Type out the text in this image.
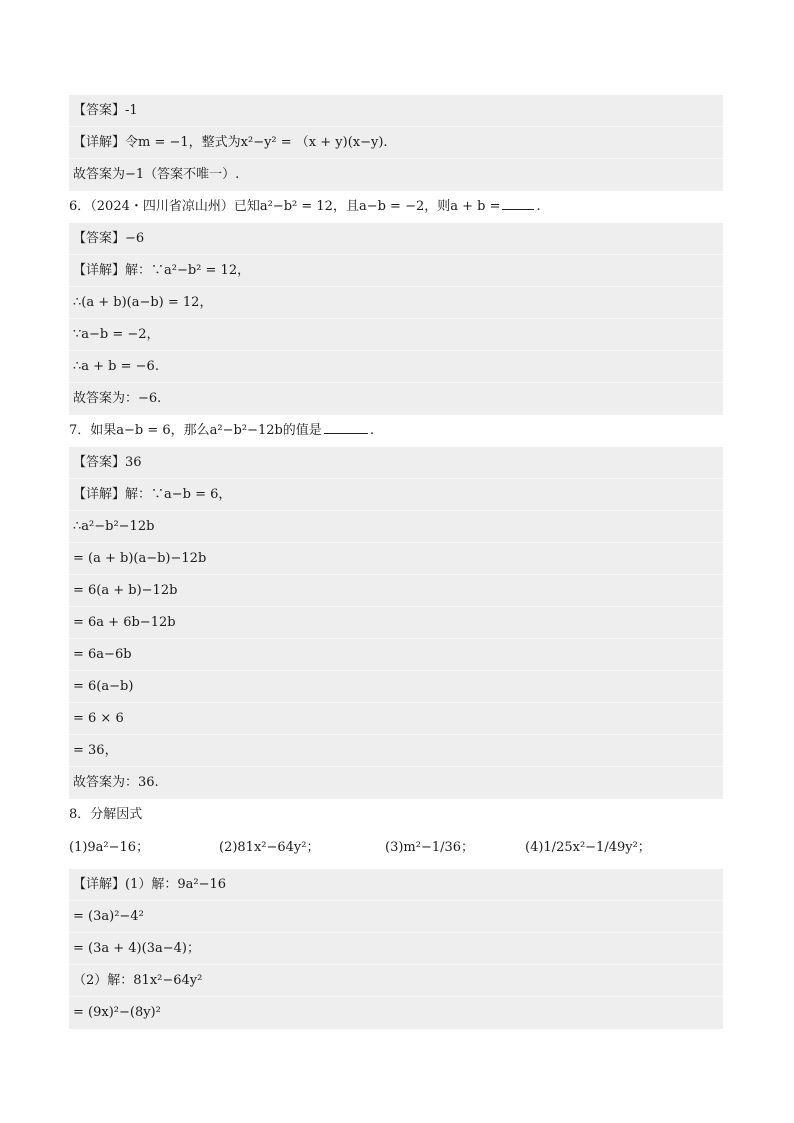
【答案】-1
【详解】令m = −1，整式为x²−y² = （x + y)(x−y).
故答案为−1（答案不唯一）.
6．（2024・四川省凉山州）已知a²−b² = 12，且a−b = −2，则a + b =	.
【答案】−6
【详解】解：∵a²−b² = 12，
∴(a + b)(a−b) = 12，
∵a−b = −2，
∴a + b = −6.
故答案为：−6.
7．如果a−b = 6，那么a²−b²−12b的值是	.
【答案】36
【详解】解：∵a−b = 6，
∴a²−b²−12b
= (a + b)(a−b)−12b
= 6(a + b)−12b
= 6a + 6b−12b
= 6a−6b
= 6(a−b)
= 6 × 6
= 36，
故答案为：36.
8．分解因式
(1)9a²−16；	(2)81x²−64y²；	(3)m²−1/36；	(4)1/25x²−1/49y²；
【详解】(1）解：9a²−16
= (3a)²−4²
= (3a + 4)(3a−4)；
（2）解：81x²−64y²
= (9x)²−(8y)²
